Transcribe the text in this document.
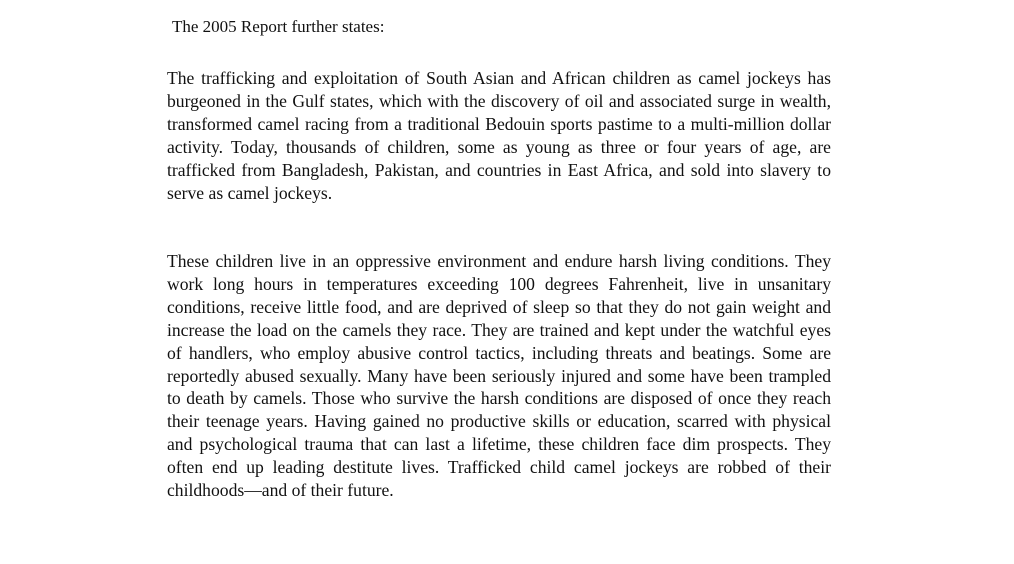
The 2005 Report further states:

The trafficking and exploitation of South Asian and African children as camel jockeys has burgeoned in the Gulf states, which with the discovery of oil and associated surge in wealth, transformed camel racing from a traditional Bedouin sports pastime to a multi-million dollar activity. Today, thousands of children, some as young as three or four years of age, are trafficked from Bangladesh, Pakistan, and countries in East Africa, and sold into slavery to serve as camel jockeys.

These children live in an oppressive environment and endure harsh living conditions. They work long hours in temperatures exceeding 100 degrees Fahrenheit, live in unsanitary conditions, receive little food, and are deprived of sleep so that they do not gain weight and increase the load on the camels they race. They are trained and kept under the watchful eyes of handlers, who employ abusive control tactics, including threats and beatings. Some are reportedly abused sexually. Many have been seriously injured and some have been trampled to death by camels. Those who survive the harsh conditions are disposed of once they reach their teenage years. Having gained no productive skills or education, scarred with physical and psychological trauma that can last a lifetime, these children face dim prospects. They often end up leading destitute lives. Trafficked child camel jockeys are robbed of their childhoods—and of their future.
